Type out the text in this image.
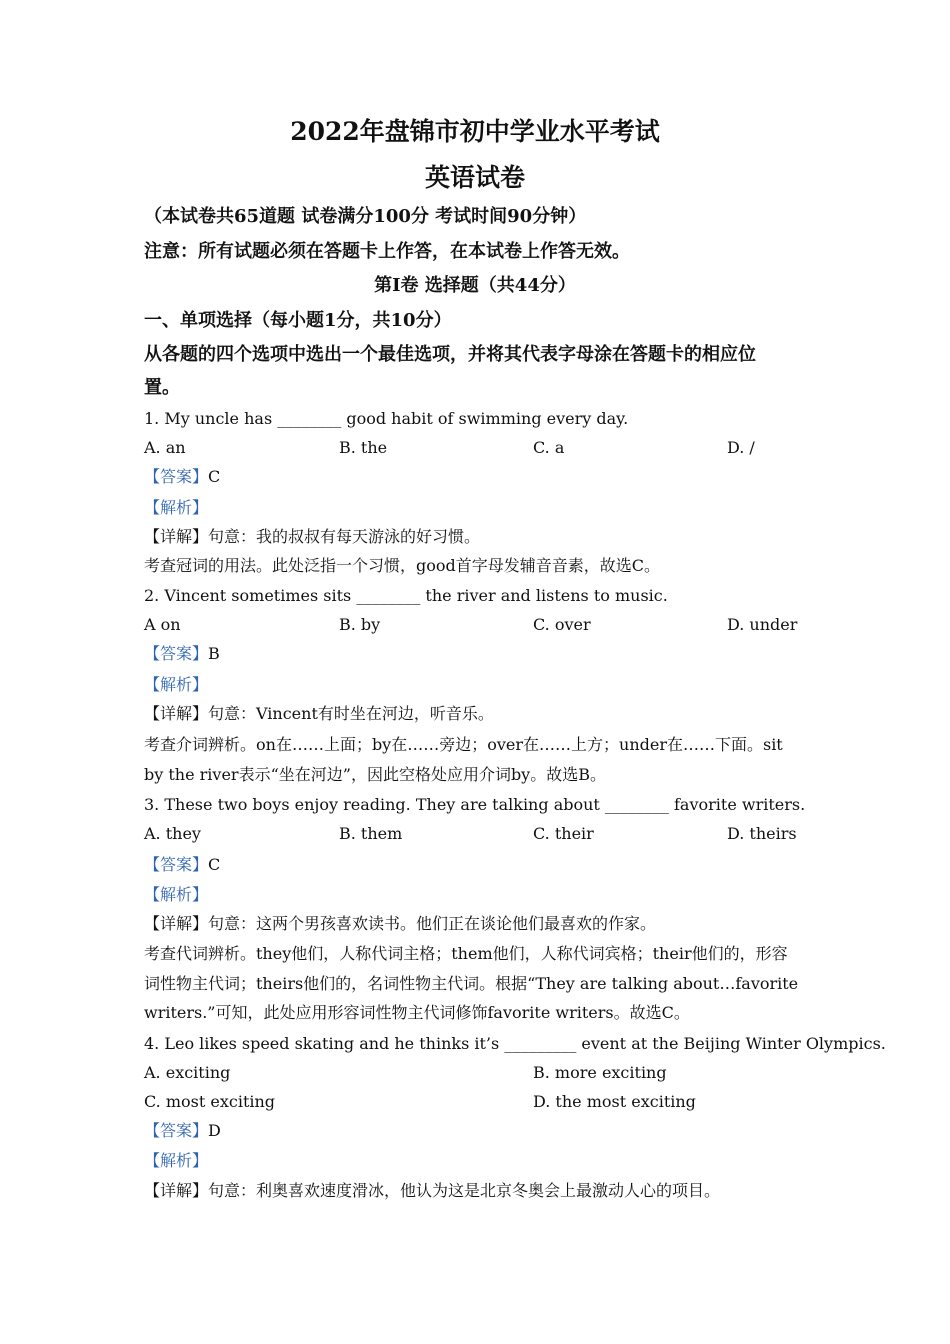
2022年盘锦市初中学业水平考试
英语试卷
（本试卷共65道题 试卷满分100分 考试时间90分钟）
注意：所有试题必须在答题卡上作答，在本试卷上作答无效。
第Ⅰ卷 选择题（共44分）
一、单项选择（每小题1分，共10分）
从各题的四个选项中选出一个最佳选项，并将其代表字母涂在答题卡的相应位
置。
1. My uncle has ________ good habit of swimming every day.
A. an	B. the	C. a	D. /
【答案】C
【解析】
【详解】句意：我的叔叔有每天游泳的好习惯。
考查冠词的用法。此处泛指一个习惯，good首字母发辅音音素，故选C。
2. Vincent sometimes sits ________ the river and listens to music.
A on	B. by	C. over	D. under
【答案】B
【解析】
【详解】句意：Vincent有时坐在河边，听音乐。
考查介词辨析。on在……上面；by在……旁边；over在……上方；under在……下面。sit
by the river表示“坐在河边”，因此空格处应用介词by。故选B。
3. These two boys enjoy reading. They are talking about ________ favorite writers.
A. they	B. them	C. their	D. theirs
【答案】C
【解析】
【详解】句意：这两个男孩喜欢读书。他们正在谈论他们最喜欢的作家。
考查代词辨析。they他们，人称代词主格；them他们，人称代词宾格；their他们的，形容
词性物主代词；theirs他们的，名词性物主代词。根据“They are talking about…favorite
writers.”可知，此处应用形容词性物主代词修饰favorite writers。故选C。
4. Leo likes speed skating and he thinks it’s _________ event at the Beijing Winter Olympics.
A. exciting	B. more exciting
C. most exciting	D. the most exciting
【答案】D
【解析】
【详解】句意：利奥喜欢速度滑冰，他认为这是北京冬奥会上最激动人心的项目。
